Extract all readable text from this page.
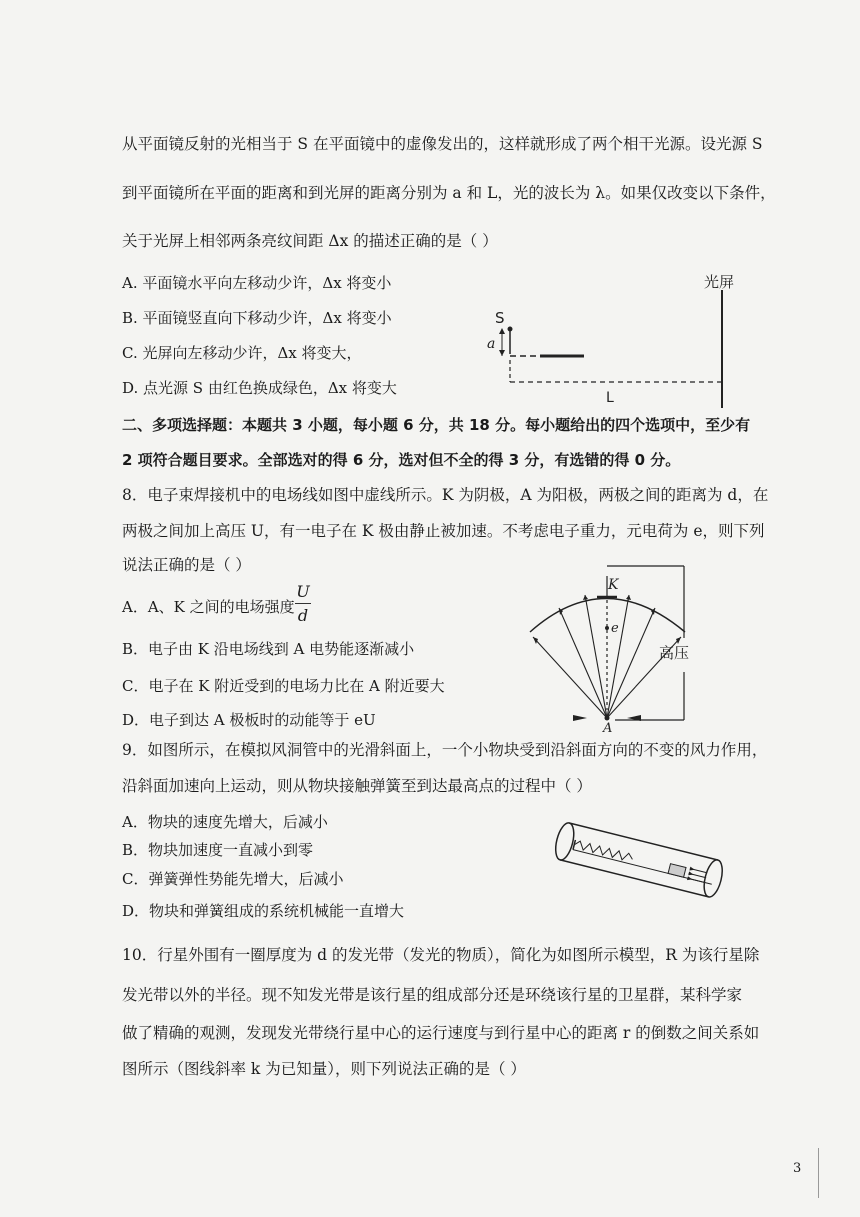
从平面镜反射的光相当于 S 在平面镜中的虚像发出的，这样就形成了两个相干光源。设光源 S
到平面镜所在平面的距离和到光屏的距离分别为 a 和 L，光的波长为 λ。如果仅改变以下条件，
关于光屏上相邻两条亮纹间距 Δx 的描述正确的是（ ）
A. 平面镜水平向左移动少许，Δx 将变小
B. 平面镜竖直向下移动少许，Δx 将变小
C. 光屏向左移动少许，Δx 将变大，
D. 点光源 S 由红色换成绿色，Δx 将变大
光屏
S
a
L
二、多项选择题：本题共 3 小题，每小题 6 分，共 18 分。每小题给出的四个选项中，至少有
2 项符合题目要求。全部选对的得 6 分，选对但不全的得 3 分，有选错的得 0 分。
8．电子束焊接机中的电场线如图中虚线所示。K 为阴极，A 为阳极，两极之间的距离为 d，在
两极之间加上高压 U，有一电子在 K 极由静止被加速。不考虑电子重力，元电荷为 e，则下列
说法正确的是（ ）
A．A、K 之间的电场强度
U
d
B．电子由 K 沿电场线到 A 电势能逐渐减小
C．电子在 K 附近受到的电场力比在 A 附近要大
D．电子到达 A 极板时的动能等于 eU
K
e
A
高压
9．如图所示，在模拟风洞管中的光滑斜面上，一个小物块受到沿斜面方向的不变的风力作用，
沿斜面加速向上运动，则从物块接触弹簧至到达最高点的过程中（ ）
A．物块的速度先增大，后减小
B．物块加速度一直减小到零
C．弹簧弹性势能先增大，后减小
D．物块和弹簧组成的系统机械能一直增大
10．行星外围有一圈厚度为 d 的发光带（发光的物质），简化为如图所示模型，R 为该行星除
发光带以外的半径。现不知发光带是该行星的组成部分还是环绕该行星的卫星群，某科学家
做了精确的观测，发现发光带绕行星中心的运行速度与到行星中心的距离 r 的倒数之间关系如
图所示（图线斜率 k 为已知量），则下列说法正确的是（ ）
3
